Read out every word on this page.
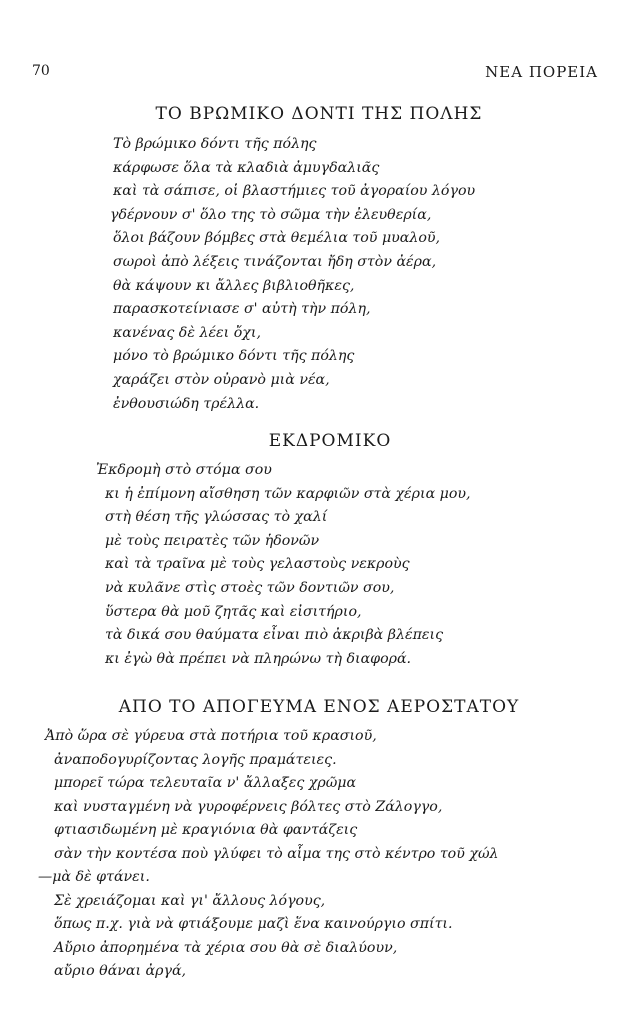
70	ΝΕΑ ΠΟΡΕΙΑ
ΤΟ ΒΡΩΜΙΚΟ ΔΟΝΤΙ ΤΗΣ ΠΟΛΗΣ
Τὸ βρώμικο δόντι τῆς πόλης
κάρφωσε ὅλα τὰ κλαδιὰ ἀμυγδαλιᾶς
καὶ τὰ σάπισε, οἱ βλαστήμιες τοῦ ἀγοραίου λόγου
γδέρνουν σ' ὅλο της τὸ σῶμα τὴν ἐλευθερία,
ὅλοι βάζουν βόμβες στὰ θεμέλια τοῦ μυαλοῦ,
σωροὶ ἀπὸ λέξεις τινάζονται ἤδη στὸν ἀέρα,
θὰ κάψουν κι ἄλλες βιβλιοθῆκες,
παρασκοτείνιασε σ' αὐτὴ τὴν πόλη,
κανένας δὲ λέει ὄχι,
μόνο τὸ βρώμικο δόντι τῆς πόλης
χαράζει στὸν οὐρανὸ μιὰ νέα,
ἐνθουσιώδη τρέλλα.
ΕΚΔΡΟΜΙΚΟ
Ἐκδρομὴ στὸ στόμα σου
κι ἡ ἐπίμονη αἴσθηση τῶν καρφιῶν στὰ χέρια μου,
στὴ θέση τῆς γλώσσας τὸ χαλί
μὲ τοὺς πειρατὲς τῶν ἡδονῶν
καὶ τὰ τραῖνα μὲ τοὺς γελαστοὺς νεκροὺς
νὰ κυλᾶνε στὶς στοὲς τῶν δοντιῶν σου,
ὕστερα θὰ μοῦ ζητᾶς καὶ εἰσιτήριο,
τὰ δικά σου θαύματα εἶναι πιὸ ἀκριβὰ βλέπεις
κι ἐγὼ θὰ πρέπει νὰ πληρώνω τὴ διαφορά.
ΑΠΟ ΤΟ ΑΠΟΓΕΥΜΑ ΕΝΟΣ ΑΕΡΟΣΤΑΤΟΥ
Ἀπὸ ὥρα σὲ γύρευα στὰ ποτήρια τοῦ κρασιοῦ,
ἀναποδογυρίζοντας λογῆς πραμάτειες.
μπορεῖ τώρα τελευταῖα ν' ἄλλαξες χρῶμα
καὶ νυσταγμένη νὰ γυροφέρνεις βόλτες στὸ Ζάλογγο,
φτιασιδωμένη μὲ κραγιόνια θὰ φαντάζεις
σὰν τὴν κοντέσα ποὺ γλύφει τὸ αἷμα της στὸ κέντρο τοῦ χώλ
—μὰ δὲ φτάνει.
Σὲ χρειάζομαι καὶ γι' ἄλλους λόγους,
ὅπως π.χ. γιὰ νὰ φτιάξουμε μαζὶ ἕνα καινούργιο σπίτι.
Αὔριο ἀπορημένα τὰ χέρια σου θὰ σὲ διαλύουν,
αὔριο θάναι ἀργά,
